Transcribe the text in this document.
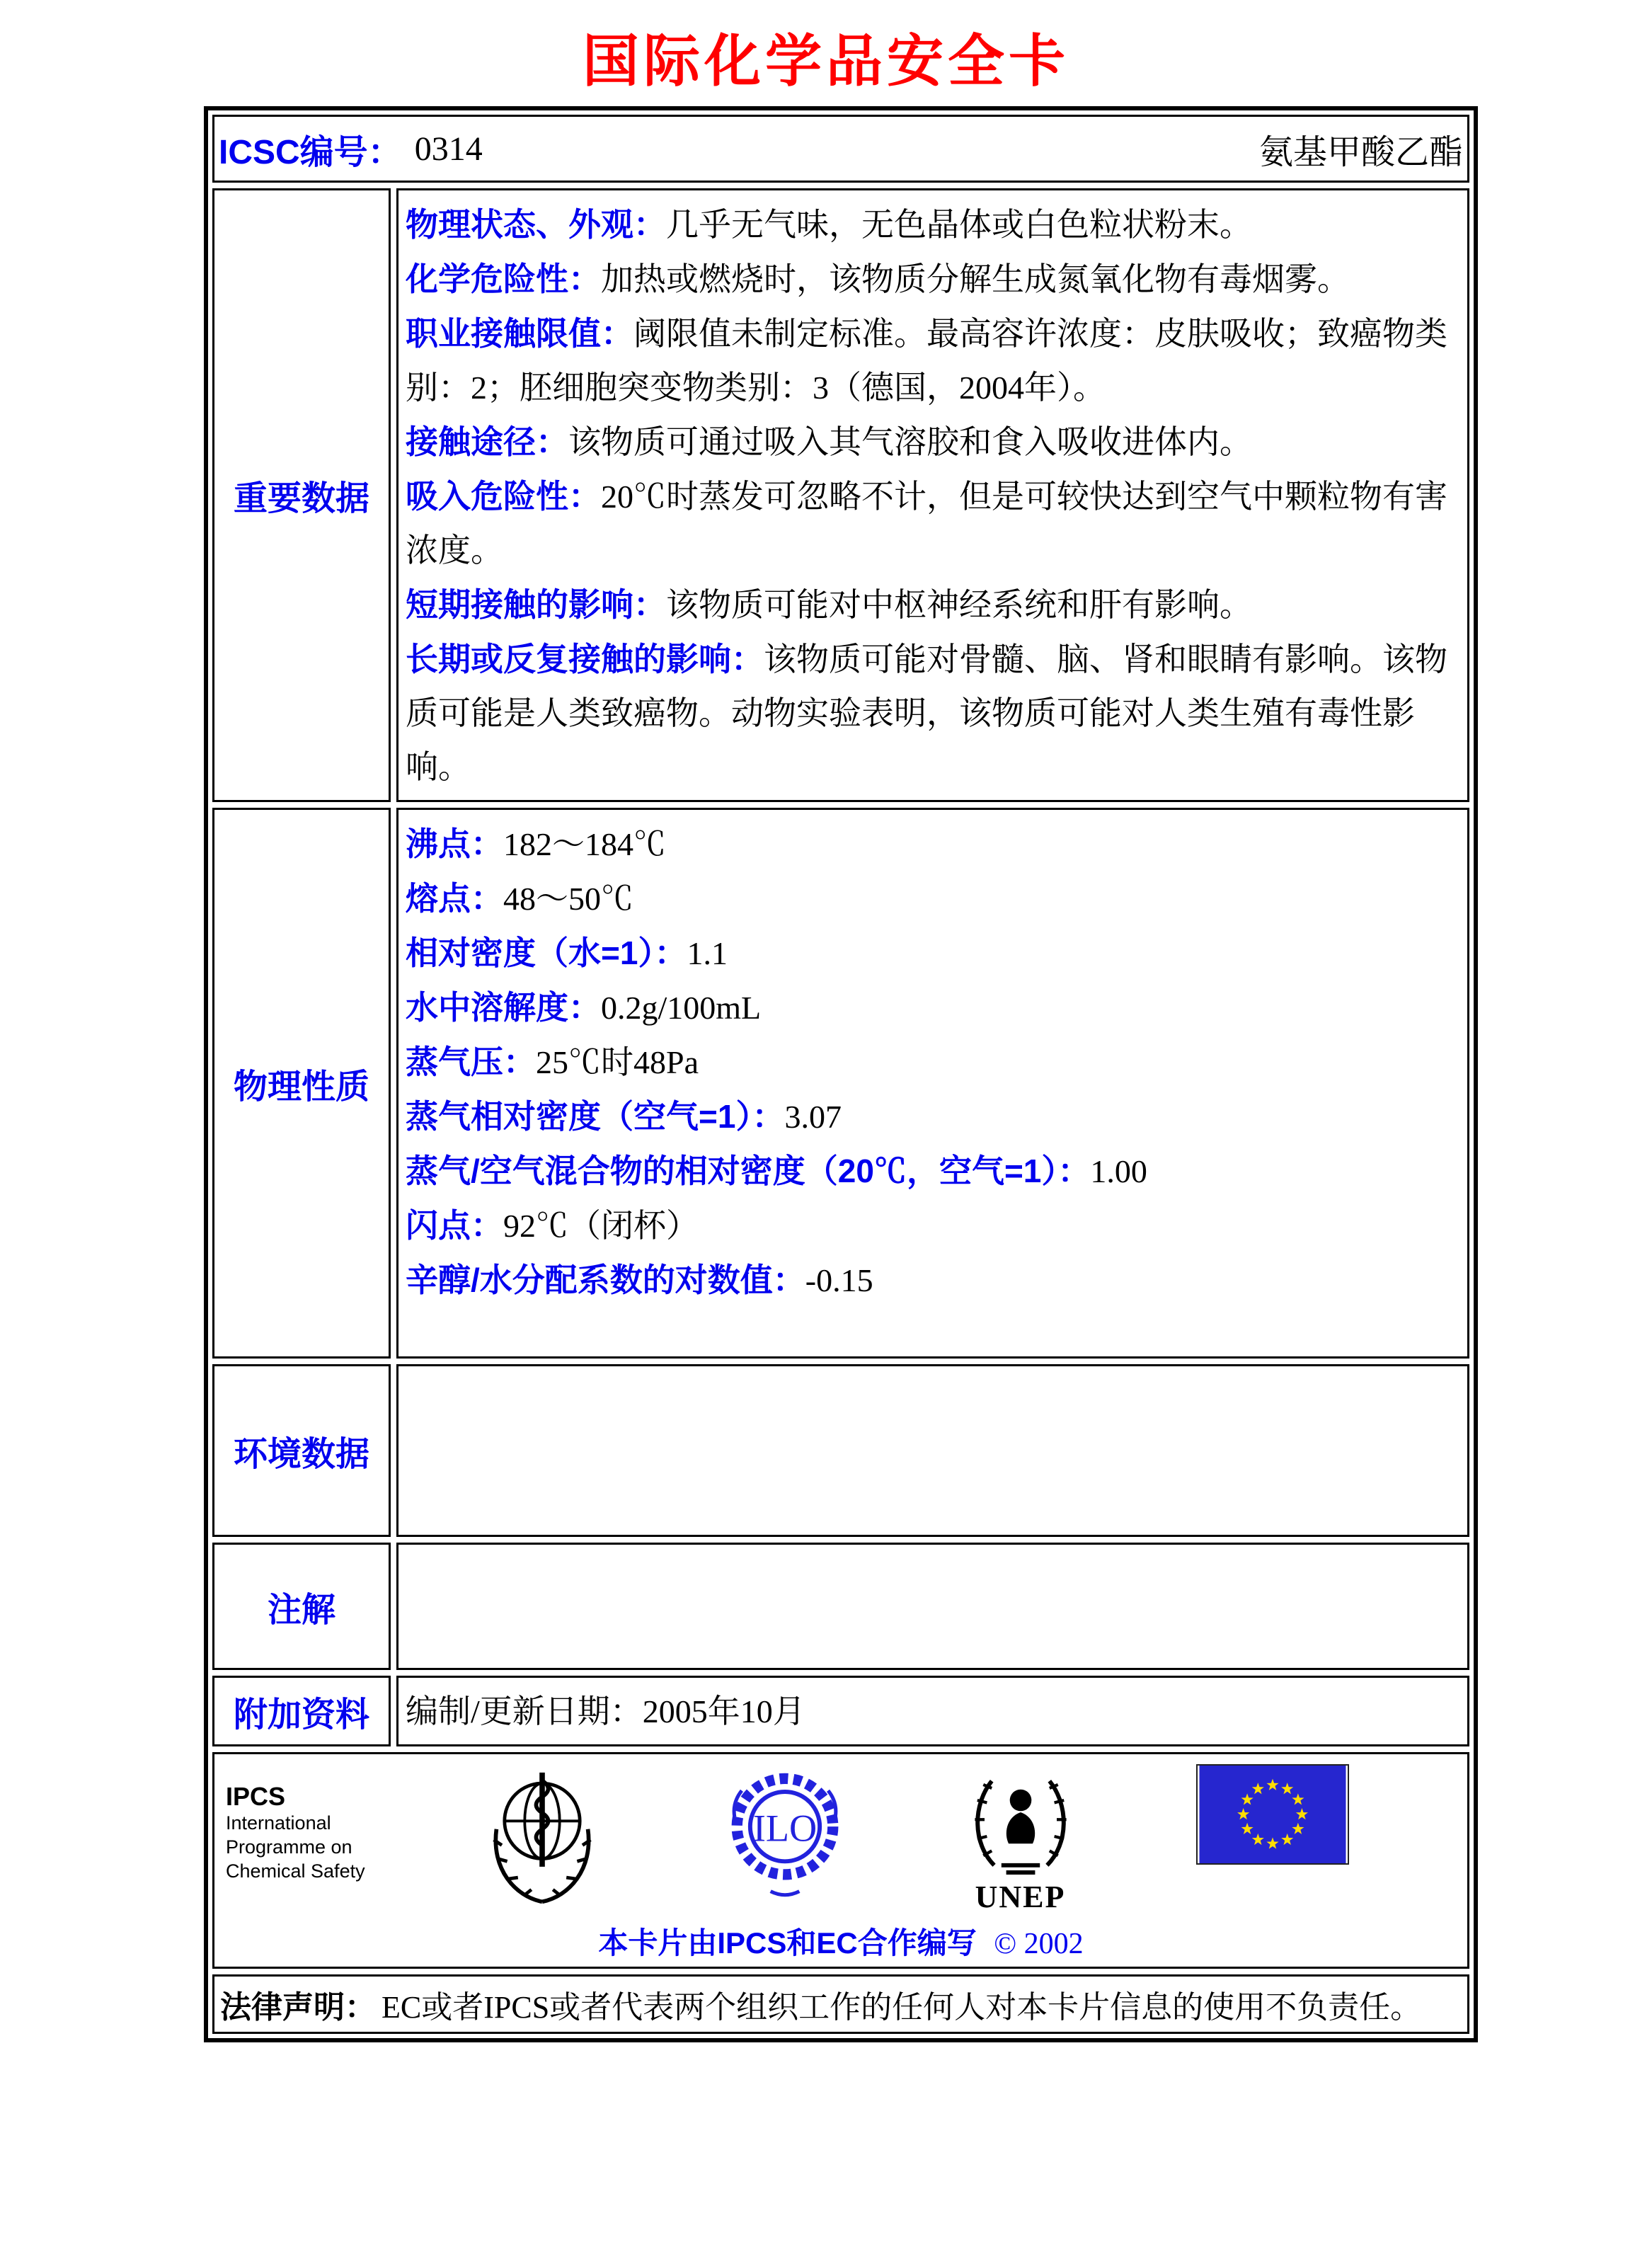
国际化学品安全卡
ICSC编号： 0314	氨基甲酸乙酯
重要数据

物理状态、外观：几乎无气味，无色晶体或白色粒状粉末。

化学危险性：加热或燃烧时，该物质分解生成氮氧化物有毒烟雾。

职业接触限值：阈限值未制定标准。最高容许浓度：皮肤吸收；致癌物类别：2；胚细胞突变物类别：3（德国，2004年）。

接触途径：该物质可通过吸入其气溶胶和食入吸收进体内。

吸入危险性：20℃时蒸发可忽略不计，但是可较快达到空气中颗粒物有害浓度。

短期接触的影响：该物质可能对中枢神经系统和肝有影响。

长期或反复接触的影响：该物质可能对骨髓、脑、肾和眼睛有影响。该物质可能是人类致癌物。动物实验表明，该物质可能对人类生殖有毒性影响。

物理性质

沸点：182～184℃

熔点：48～50℃

相对密度（水=1）：1.1

水中溶解度：0.2g/100mL

蒸气压：25℃时48Pa

蒸气相对密度（空气=1）：3.07

蒸气/空气混合物的相对密度（20℃，空气=1）：1.00

闪点：92℃（闭杯）

辛醇/水分配系数的对数值：-0.15

环境数据
注解
附加资料	编制/更新日期：2005年10月

IPCS
International
Programme on
Chemical Safety
ILO
UNEP
本卡片由IPCS和EC合作编写 © 2002
法律声明： EC或者IPCS或者代表两个组织工作的任何人对本卡片信息的使用不负责任。
